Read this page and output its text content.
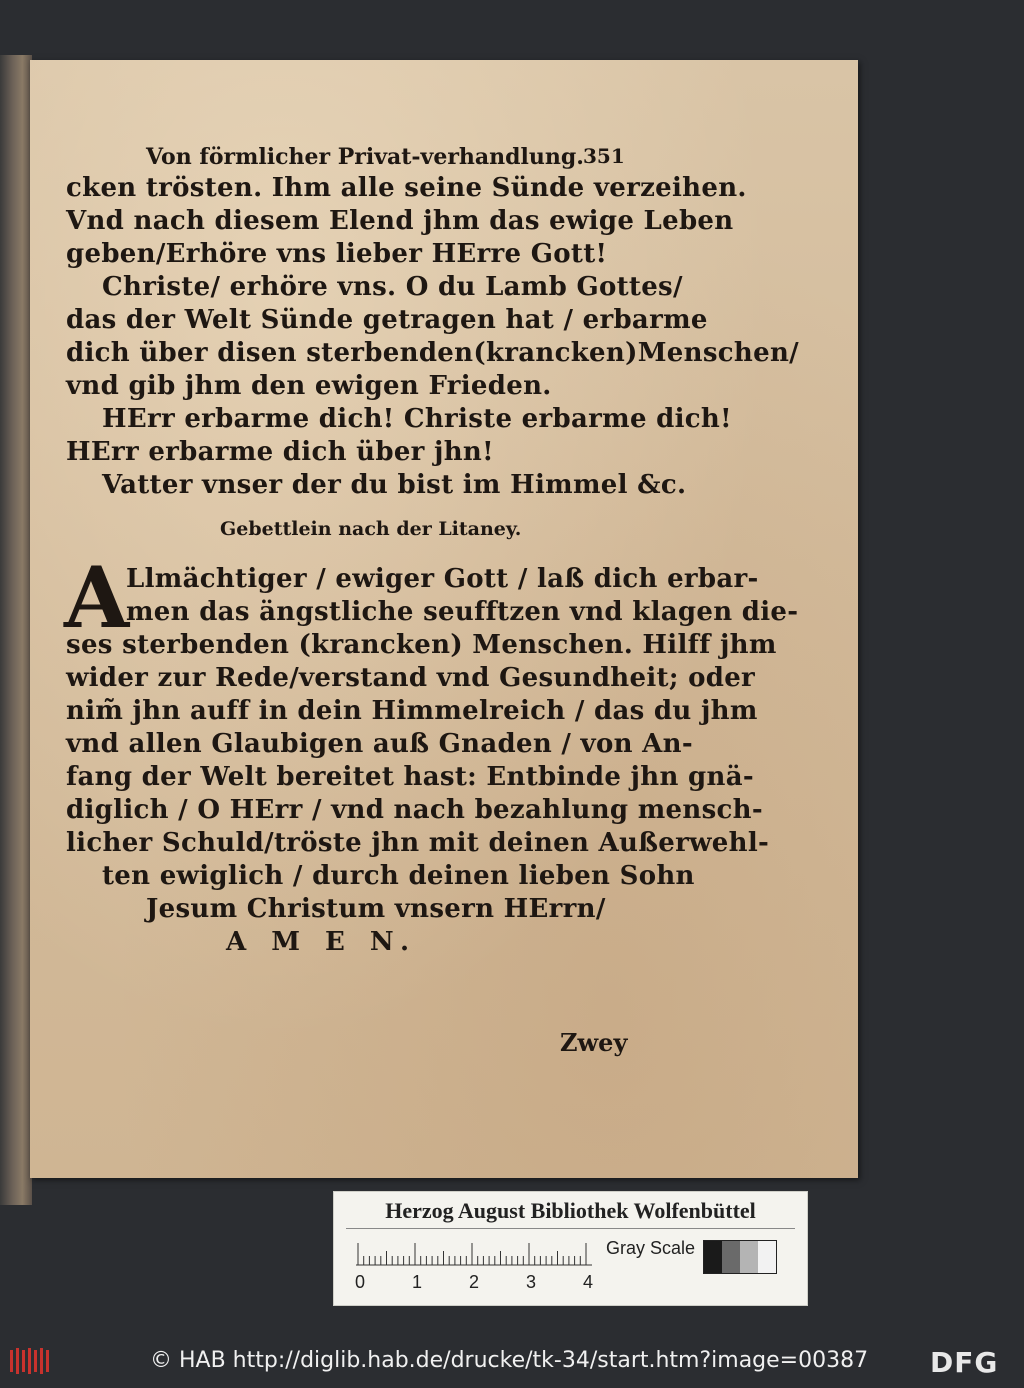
Von förmlicher Privat-verhandlung. 351
cken trösten. Ihm alle seine Sünde verzeihen.
Vnd nach diesem Elend jhm das ewige Leben
geben/Erhöre vns lieber HErre Gott!
Christe/ erhöre vns. O du Lamb Gottes/
das der Welt Sünde getragen hat / erbarme
dich über disen sterbenden(krancken)Menschen/
vnd gib jhm den ewigen Frieden.
HErr erbarme dich! Christe erbarme dich!
HErr erbarme dich über jhn!
Vatter vnser der du bist im Himmel &c.
Gebettlein nach der Litaney.
A
Llmächtiger / ewiger Gott / laß dich erbar-
men das ängstliche seufftzen vnd klagen die-
ses sterbenden (krancken) Menschen. Hilff jhm
wider zur Rede/verstand vnd Gesundheit; oder
nim̃ jhn auff in dein Himmelreich / das du jhm
vnd allen Glaubigen auß Gnaden / von An-
fang der Welt bereitet hast: Entbinde jhn gnä-
diglich / O HErr / vnd nach bezahlung mensch-
licher Schuld/tröste jhn mit deinen Außerwehl-
ten ewiglich / durch deinen lieben Sohn
Jesum Christum vnsern HErrn/
A M E N.
Zwey
Herzog August Bibliothek Wolfenbüttel
0	1	2	3	4
Gray Scale
© HAB http://diglib.hab.de/drucke/tk-34/start.htm?image=00387 DFG
